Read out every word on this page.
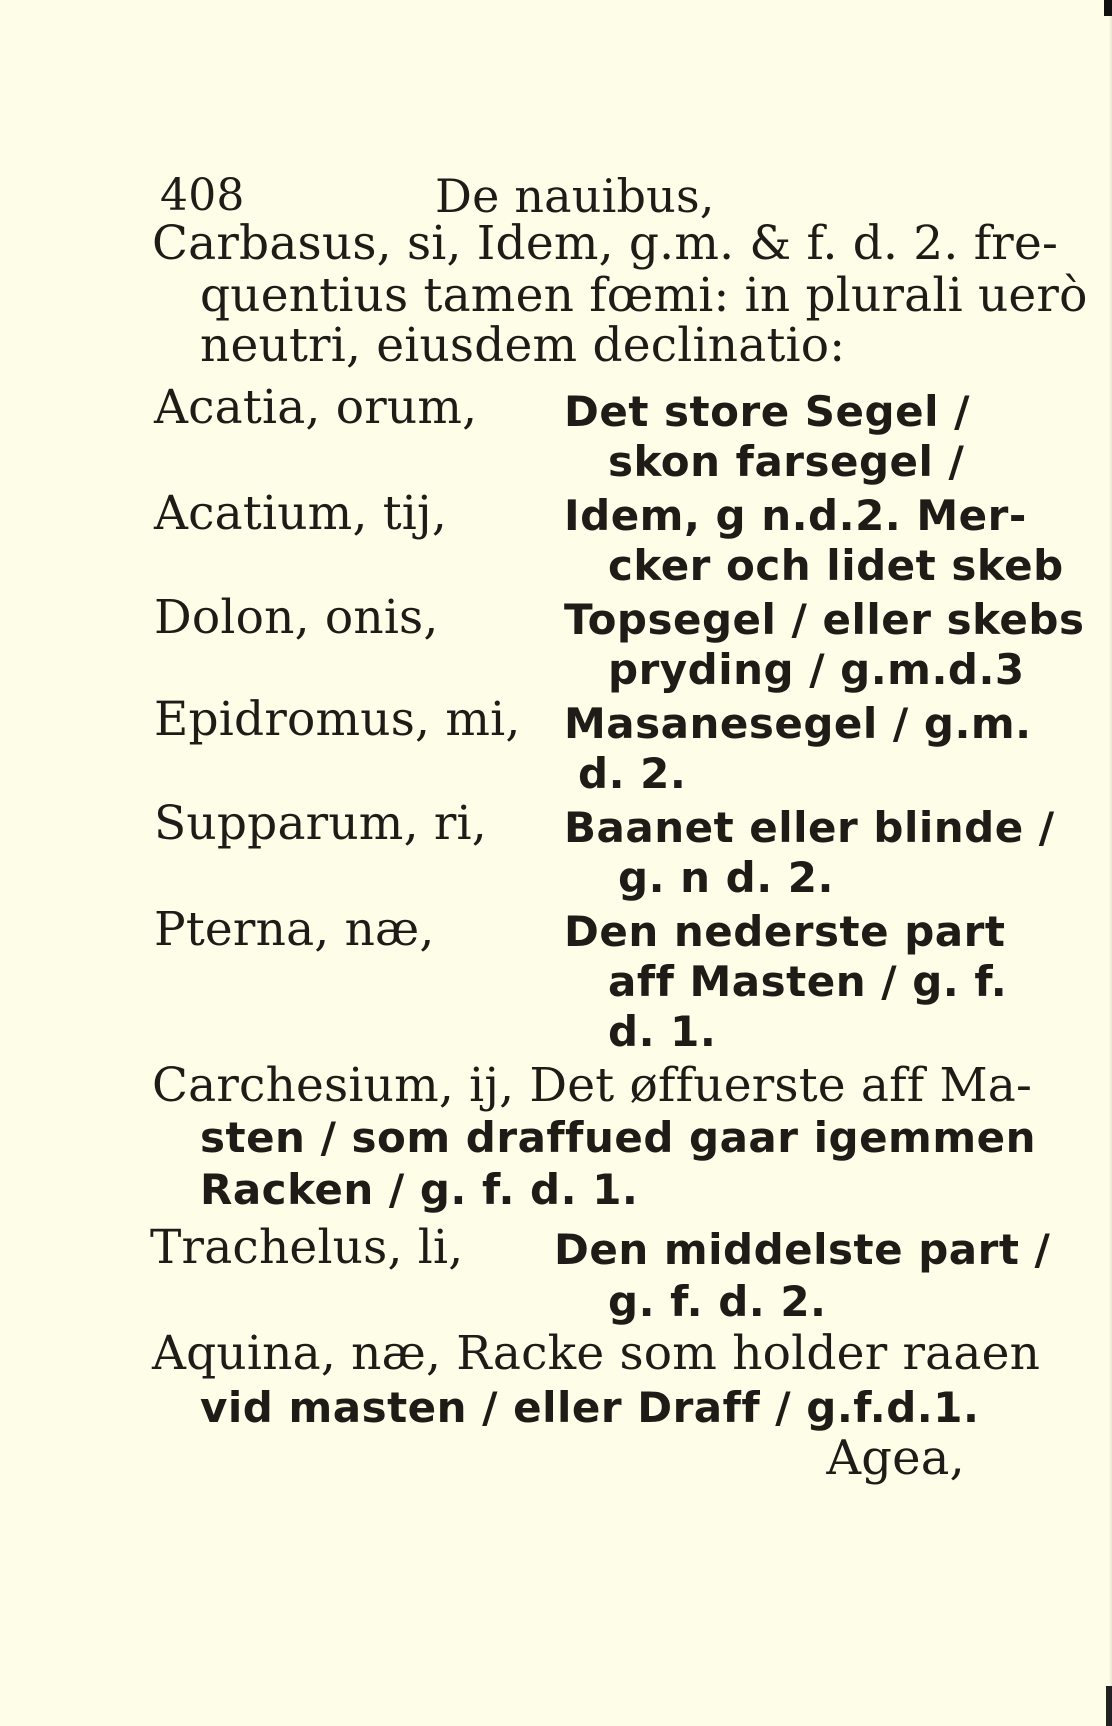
408	De nauibus,
Carbasus, si, Idem, g.m. & f. d. 2. fre-
quentius tamen fœmi: in plurali uerò
neutri, eiusdem declinatio:
Acatia, orum, Det store Segel /
skon farsegel /
Acatium, tij,	Idem, g n.d.2. Mer-
cker och lidet skeb
Dolon, onis,	Topsegel / eller skebs
pryding / g.m.d.3
Epidromus, mi, Masanesegel / g.m.
d. 2.
Supparum, ri, Baanet eller blinde /
g. n d. 2.
Pterna, næ,	Den nederste part
aff Masten / g. f.
d. 1.
Carchesium, ij, Det øffuerste aff Ma-
sten / som draffued gaar igemmen
Racken / g. f. d. 1.
Trachelus, li, Den middelste part /
g. f. d. 2.
Aquina, næ, Racke som holder raaen
vid masten / eller Draff / g.f.d.1.
Agea,
